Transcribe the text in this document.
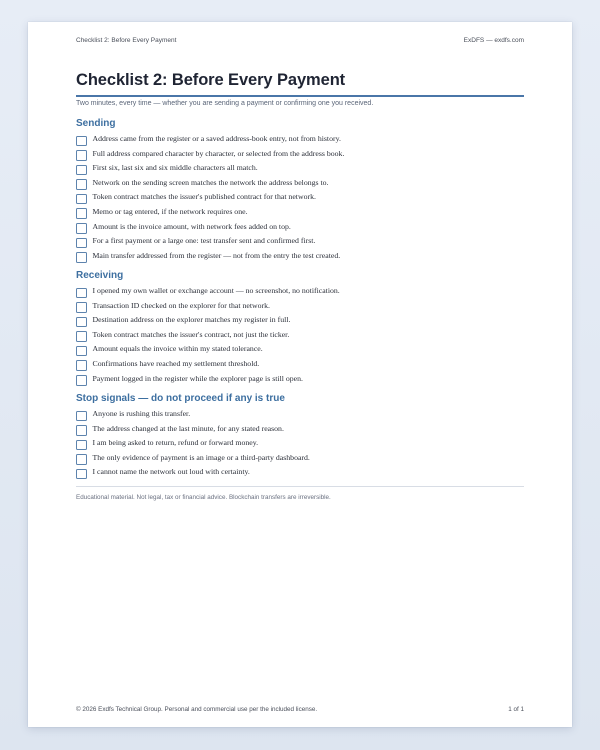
Checklist 2: Before Every Payment	ExDFS — exdfs.com
Checklist 2: Before Every Payment
Two minutes, every time — whether you are sending a payment or confirming one you received.
Sending
Address came from the register or a saved address-book entry, not from history.
Full address compared character by character, or selected from the address book.
First six, last six and six middle characters all match.
Network on the sending screen matches the network the address belongs to.
Token contract matches the issuer's published contract for that network.
Memo or tag entered, if the network requires one.
Amount is the invoice amount, with network fees added on top.
For a first payment or a large one: test transfer sent and confirmed first.
Main transfer addressed from the register — not from the entry the test created.
Receiving
I opened my own wallet or exchange account — no screenshot, no notification.
Transaction ID checked on the explorer for that network.
Destination address on the explorer matches my register in full.
Token contract matches the issuer's contract, not just the ticker.
Amount equals the invoice within my stated tolerance.
Confirmations have reached my settlement threshold.
Payment logged in the register while the explorer page is still open.
Stop signals — do not proceed if any is true
Anyone is rushing this transfer.
The address changed at the last minute, for any stated reason.
I am being asked to return, refund or forward money.
The only evidence of payment is an image or a third-party dashboard.
I cannot name the network out loud with certainty.
Educational material. Not legal, tax or financial advice. Blockchain transfers are irreversible.
© 2026 Exdfs Technical Group. Personal and commercial use per the included license.	1 of 1
